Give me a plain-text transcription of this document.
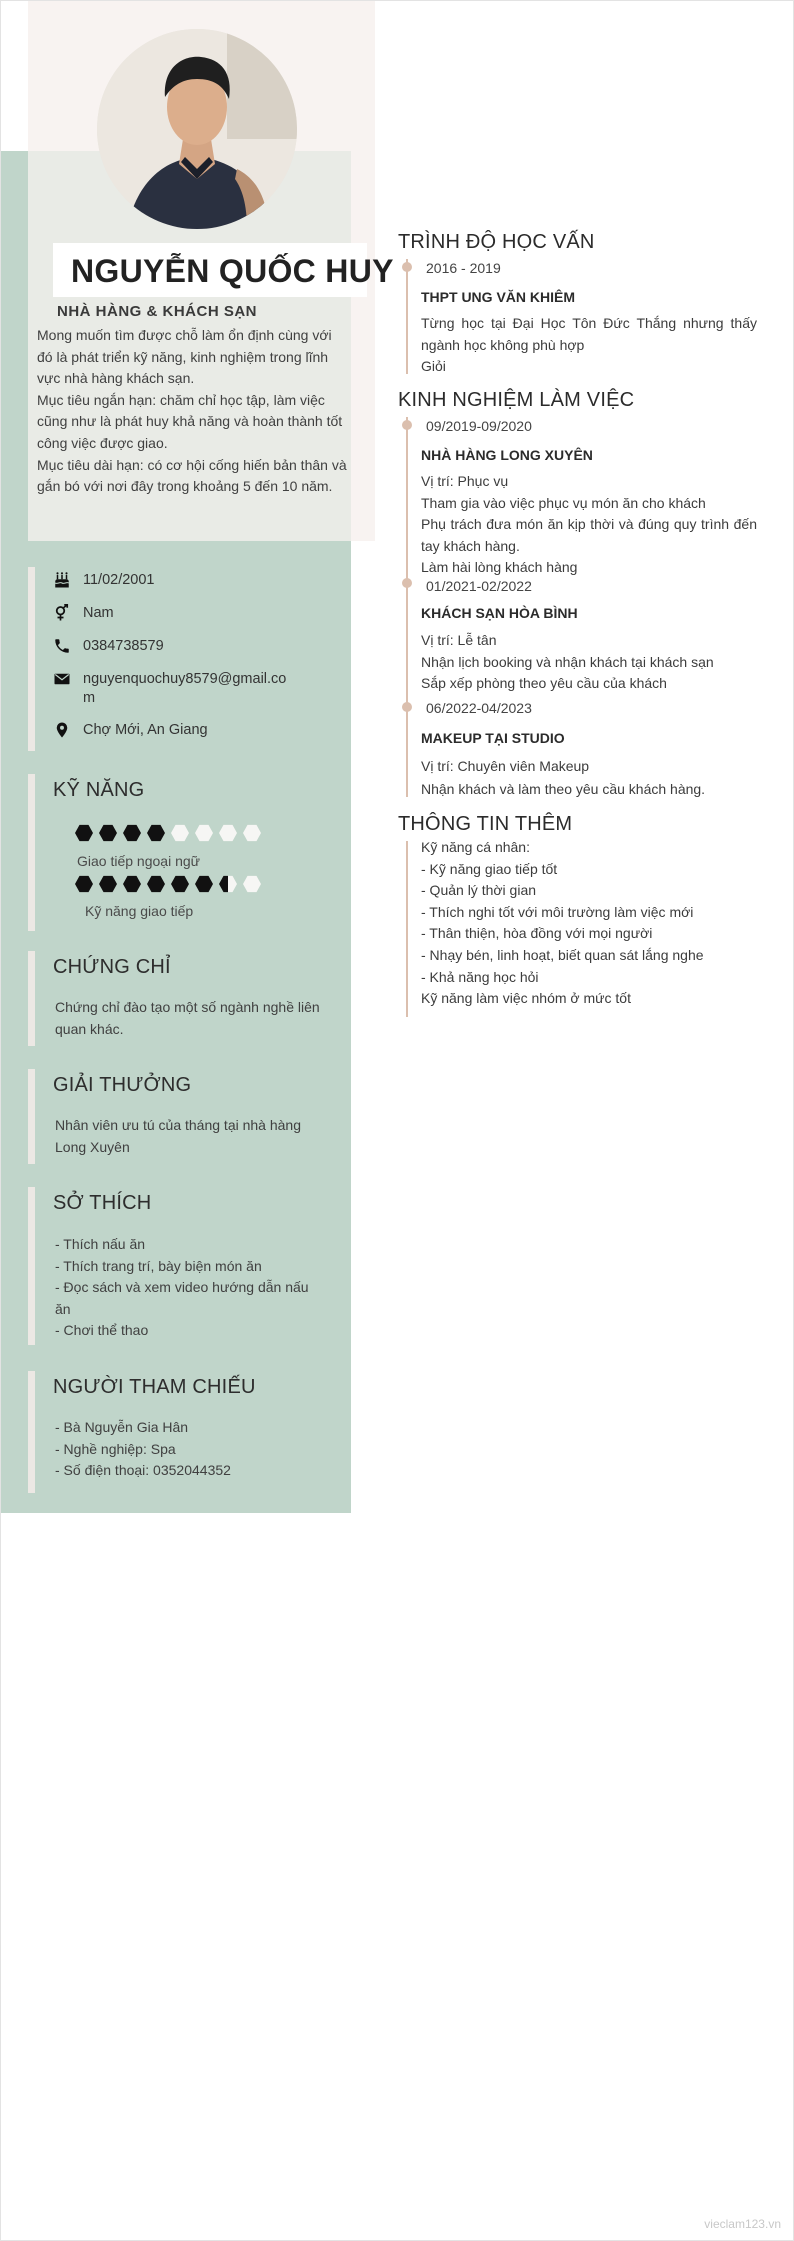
NGUYỄN QUỐC HUY
NHÀ HÀNG & KHÁCH SẠN
Mong muốn tìm được chỗ làm ổn định cùng với đó là phát triển kỹ năng, kinh nghiệm trong lĩnh vực nhà hàng khách sạn.
Mục tiêu ngắn hạn: chăm chỉ học tập, làm việc cũng như là phát huy khả năng và hoàn thành tốt công việc được giao.
Mục tiêu dài hạn: có cơ hội cống hiến bản thân và gắn bó với nơi đây trong khoảng 5 đến 10 năm.
11/02/2001
Nam
0384738579
nguyenquochuy8579@gmail.com
Chợ Mới, An Giang
KỸ NĂNG
Giao tiếp ngoại ngữ
Kỹ năng giao tiếp
CHỨNG CHỈ
Chứng chỉ đào tạo một số ngành nghề liên quan khác.
GIẢI THƯỞNG
Nhân viên ưu tú của tháng tại nhà hàng Long Xuyên
SỞ THÍCH
- Thích nấu ăn
- Thích trang trí, bày biện món ăn
- Đọc sách và xem video hướng dẫn nấu ăn
- Chơi thể thao
NGƯỜI THAM CHIẾU
- Bà Nguyễn Gia Hân
- Nghề nghiệp: Spa
- Số điện thoại: 0352044352
TRÌNH ĐỘ HỌC VẤN
2016 - 2019
THPT UNG VĂN KHIÊM
Từng học tại Đại Học Tôn Đức Thắng nhưng thấy ngành học không phù hợp
Giỏi
KINH NGHIỆM LÀM VIỆC
09/2019-09/2020
NHÀ HÀNG LONG XUYÊN
Vị trí: Phục vụ
Tham gia vào việc phục vụ món ăn cho khách
Phụ trách đưa món ăn kịp thời và đúng quy trình đến tay khách hàng.
Làm hài lòng khách hàng
01/2021-02/2022
KHÁCH SẠN HÒA BÌNH
Vị trí: Lễ tân
Nhận lịch booking và nhận khách tại khách sạn
Sắp xếp phòng theo yêu cầu của khách
06/2022-04/2023
MAKEUP TẠI STUDIO
Vị trí: Chuyên viên Makeup
Nhận khách và làm theo yêu cầu khách hàng.
THÔNG TIN THÊM
Kỹ năng cá nhân:
- Kỹ năng giao tiếp tốt
- Quản lý thời gian
- Thích nghi tốt với môi trường làm việc mới
- Thân thiện, hòa đồng với mọi người
- Nhạy bén, linh hoạt, biết quan sát lắng nghe
- Khả năng học hỏi
Kỹ năng làm việc nhóm ở mức tốt
vieclam123.vn
